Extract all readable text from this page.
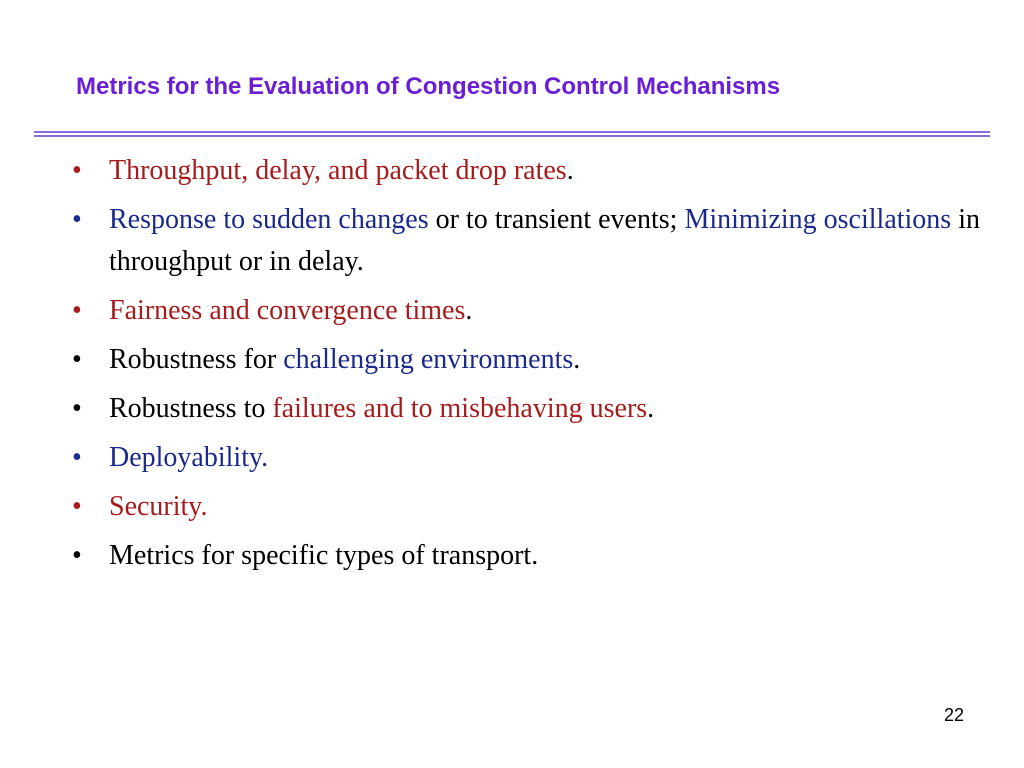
Metrics for the Evaluation of Congestion Control Mechanisms
• Throughput, delay, and packet drop rates.
• Response to sudden changes or to transient events; Minimizing oscillations in throughput or in delay.
• Fairness and convergence times.
• Robustness for challenging environments.
• Robustness to failures and to misbehaving users.
• Deployability.
• Security.
• Metrics for specific types of transport.
22
